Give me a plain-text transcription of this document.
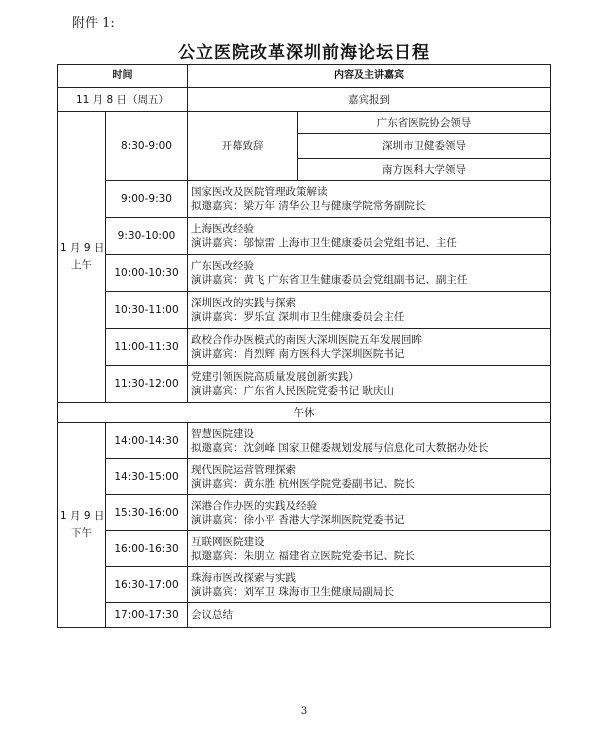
附件 1:
公立医院改革深圳前海论坛日程
时间		内容及主讲嘉宾	
11 月 8 日（周五）		嘉宾报到	

1 月 9 日
上午	8:30-9:00	开幕致辞	广东省医院协会领导
			深圳市卫健委领导
			南方医科大学领导
	9:00-9:30	国家医改及医院管理政策解读
拟邀嘉宾：梁万年 清华公卫与健康学院常务副院长	

	9:30-10:00	上海医改经验
演讲嘉宾：邬惊雷 上海市卫生健康委员会党组书记、主任	

	10:00-10:30	广东医改经验
演讲嘉宾：黄飞 广东省卫生健康委员会党组副书记、副主任	

	10:30-11:00	深圳医改的实践与探索
演讲嘉宾：罗乐宣 深圳市卫生健康委员会主任	

	11:00-11:30	政校合作办医模式的南医大深圳医院五年发展回眸
演讲嘉宾：肖烈辉 南方医科大学深圳医院书记	

	11:30-12:00	党建引领医院高质量发展创新实践）
演讲嘉宾：广东省人民医院党委书记 耿庆山	

午休			

1 月 9 日
下午	14:00-14:30	智慧医院建设
拟邀嘉宾：沈剑峰 国家卫健委规划发展与信息化司大数据办处长	

	14:30-15:00	现代医院运营管理探索
演讲嘉宾：黄东胜 杭州医学院党委副书记、院长	

	15:30-16:00	深港合作办医的实践及经验
演讲嘉宾：徐小平 香港大学深圳医院党委书记	

	16:00-16:30	互联网医院建设
拟邀嘉宾：朱朋立 福建省立医院党委书记、院长	

	16:30-17:00	珠海市医改探索与实践
演讲嘉宾：刘军卫 珠海市卫生健康局副局长	

	17:00-17:30	会议总结	
3
